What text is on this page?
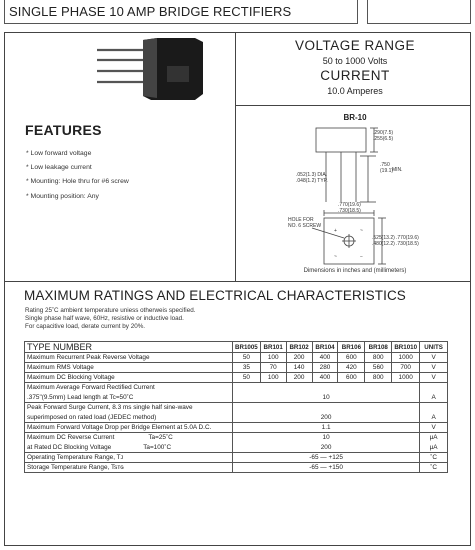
SINGLE PHASE 10 AMP BRIDGE RECTIFIERS
VOLTAGE RANGE
50 to 1000 Volts
CURRENT
10.0 Amperes
FEATURES
* Low forward voltage
* Low leakage current
* Mounting: Hole thru for #6 screw
* Mounting position: Any
BR-10
+	~
~	−
.290(7.5)
.255(6.5)
.750
(19.1)
MIN.
.052(1.3) DIA.
.048(1.2) TYP.
.770(19.6)
.730(18.5)
HOLE FOR
NO. 6 SCREW
.525(13.2)
.480(12.2)
.770(19.6)
.730(18.5)
Dimensions in inches and (millimeters)
MAXIMUM RATINGS AND ELECTRICAL CHARACTERISTICS
Rating 25˚C ambient temperature uniess otherweis specified.
Single phase half wave, 60Hz, resistive or inductive load.
For capacitive load, derate current by 20%.
TYPE NUMBER	BR1005	BR101	BR102	BR104	BR106	BR108	BR1010	UNITS
Maximum Recurrent Peak Reverse Voltage	50	100	200	400	600	800	1000	V
Maximum RMS Voltage	35	70	140	280	420	560	700	V
Maximum DC Blocking Voltage	50	100	200	400	600	800	1000	V
Maximum Average Forward Rectified Current								
.375"(9.5mm) Lead length at Tc=50˚C	10							A
Peak Forward Surge Current, 8.3 ms single half sine-wave								
superimposed on rated load (JEDEC method)	200							A
Maximum Forward Voltage Drop per Bridge Element at 5.0A D.C.	1.1							V
Maximum DC Reverse Current Ta=25˚C	10							μA
at Rated DC Blocking Voltage Ta=100˚C	200							μA
Operating Temperature Range, Tᴊ	-65 — +125							˚C
Storage Temperature Range, Tsᴛɢ	-65 — +150							˚C
